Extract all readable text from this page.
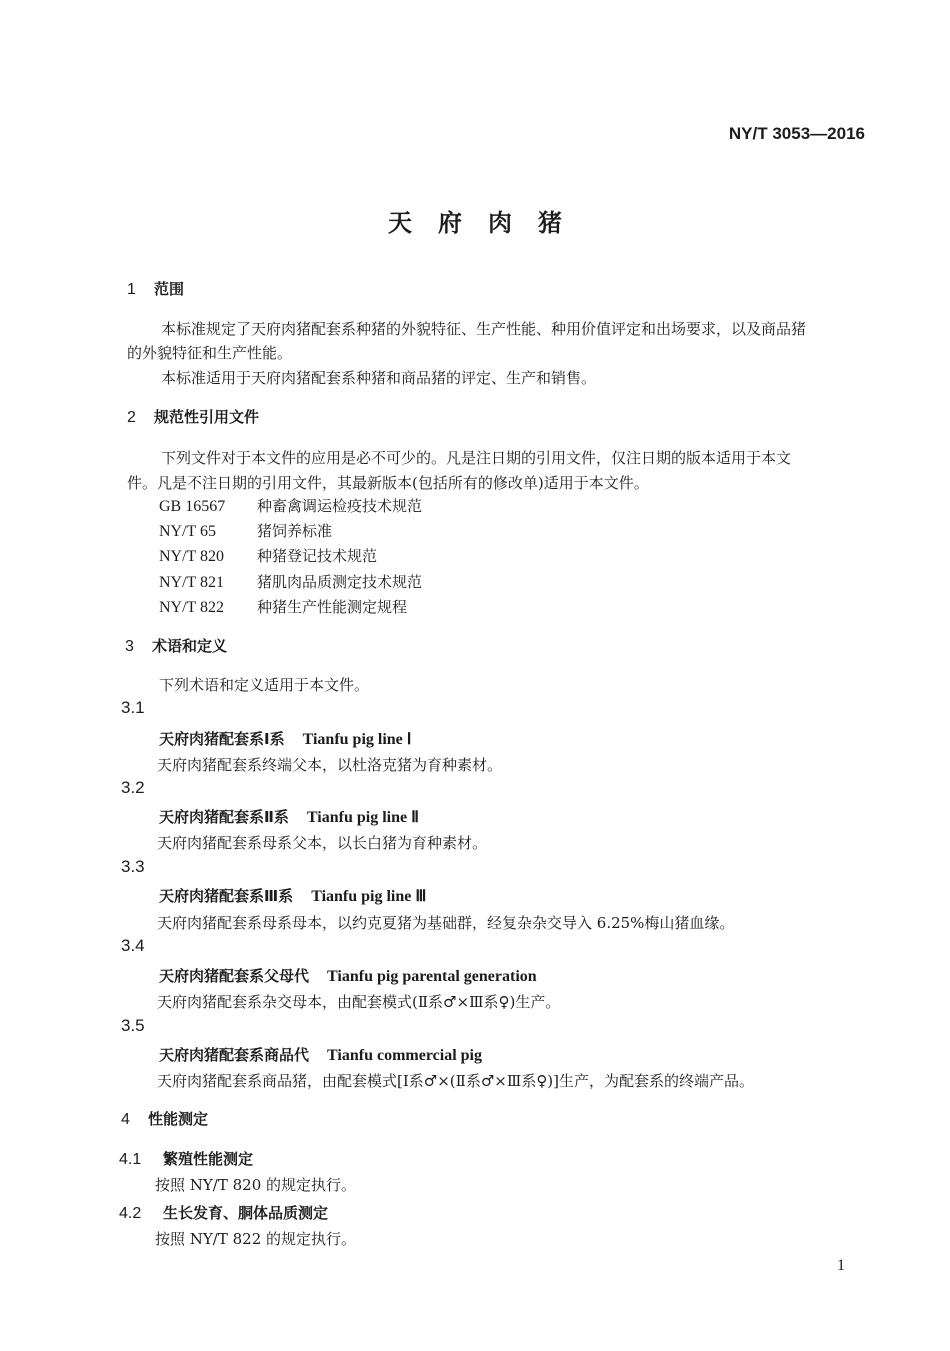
NY/T 3053—2016
天府肉猪
1 范围
本标准规定了天府肉猪配套系种猪的外貌特征、生产性能、种用价值评定和出场要求，以及商品猪
的外貌特征和生产性能。
本标准适用于天府肉猪配套系种猪和商品猪的评定、生产和销售。
2 规范性引用文件
下列文件对于本文件的应用是必不可少的。凡是注日期的引用文件，仅注日期的版本适用于本文
件。凡是不注日期的引用文件，其最新版本(包括所有的修改单)适用于本文件。
GB 16567 种畜禽调运检疫技术规范
NY/T 65	猪饲养标准
NY/T 820 种猪登记技术规范
NY/T 821 猪肌肉品质测定技术规范
NY/T 822 种猪生产性能测定规程
3 术语和定义
下列术语和定义适用于本文件。
3.1
天府肉猪配套系Ⅰ系 Tianfu pig line Ⅰ
天府肉猪配套系终端父本，以杜洛克猪为育种素材。
3.2
天府肉猪配套系Ⅱ系 Tianfu pig line Ⅱ
天府肉猪配套系母系父本，以长白猪为育种素材。
3.3
天府肉猪配套系Ⅲ系 Tianfu pig line Ⅲ
天府肉猪配套系母系母本，以约克夏猪为基础群，经复杂杂交导入 6.25%梅山猪血缘。
3.4
天府肉猪配套系父母代 Tianfu pig parental generation
天府肉猪配套系杂交母本，由配套模式(Ⅱ系♂×Ⅲ系♀)生产。
3.5
天府肉猪配套系商品代 Tianfu commercial pig
天府肉猪配套系商品猪，由配套模式[Ⅰ系♂×(Ⅱ系♂×Ⅲ系♀)]生产，为配套系的终端产品。
4 性能测定
4.1 繁殖性能测定
按照 NY/T 820 的规定执行。
4.2 生长发育、胴体品质测定
按照 NY/T 822 的规定执行。
1
